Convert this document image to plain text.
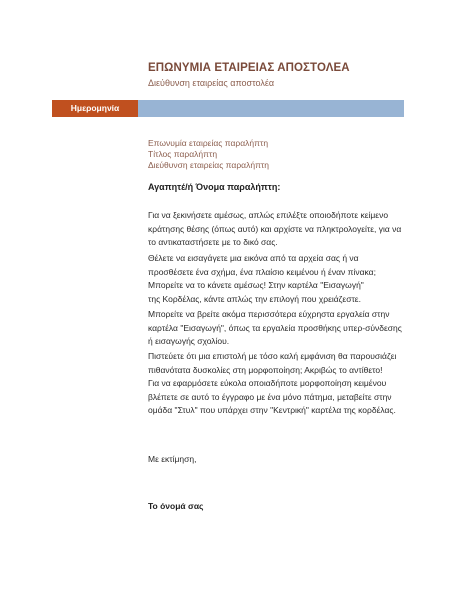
ΕΠΩΝΥΜΙΑ ΕΤΑΙΡΕΙΑΣ ΑΠΟΣΤΟΛΕΑ
Διεύθυνση εταιρείας αποστολέα
Ημερομηνία
Επωνυμία εταιρείας παραλήπτη
Τίτλος παραλήπτη
Διεύθυνση εταιρείας παραλήπτη
Αγαπητέ/ή Όνομα παραλήπτη:
Για να ξεκινήσετε αμέσως, απλώς επιλέξτε οποιοδήποτε κείμενο
κράτησης θέσης (όπως αυτό) και αρχίστε να πληκτρολογείτε, για να
το αντικαταστήσετε με το δικό σας.
Θέλετε να εισαγάγετε μια εικόνα από τα αρχεία σας ή να
προσθέσετε ένα σχήμα, ένα πλαίσιο κειμένου ή έναν πίνακα;
Μπορείτε να το κάνετε αμέσως! Στην καρτέλα "Εισαγωγή"
της Κορδέλας, κάντε απλώς την επιλογή που χρειάζεστε.
Μπορείτε να βρείτε ακόμα περισσότερα εύχρηστα εργαλεία στην
καρτέλα "Εισαγωγή", όπως τα εργαλεία προσθήκης υπερ-σύνδεσης
ή εισαγωγής σχολίου.
Πιστεύετε ότι μια επιστολή με τόσο καλή εμφάνιση θα παρουσιάζει
πιθανότατα δυσκολίες στη μορφοποίηση; Ακριβώς το αντίθετο!
Για να εφαρμόσετε εύκολα οποιαδήποτε μορφοποίηση κειμένου
βλέπετε σε αυτό το έγγραφο με ένα μόνο πάτημα, μεταβείτε στην
ομάδα "Στυλ" που υπάρχει στην "Κεντρική" καρτέλα της κορδέλας.
Με εκτίμηση,
Το όνομά σας
